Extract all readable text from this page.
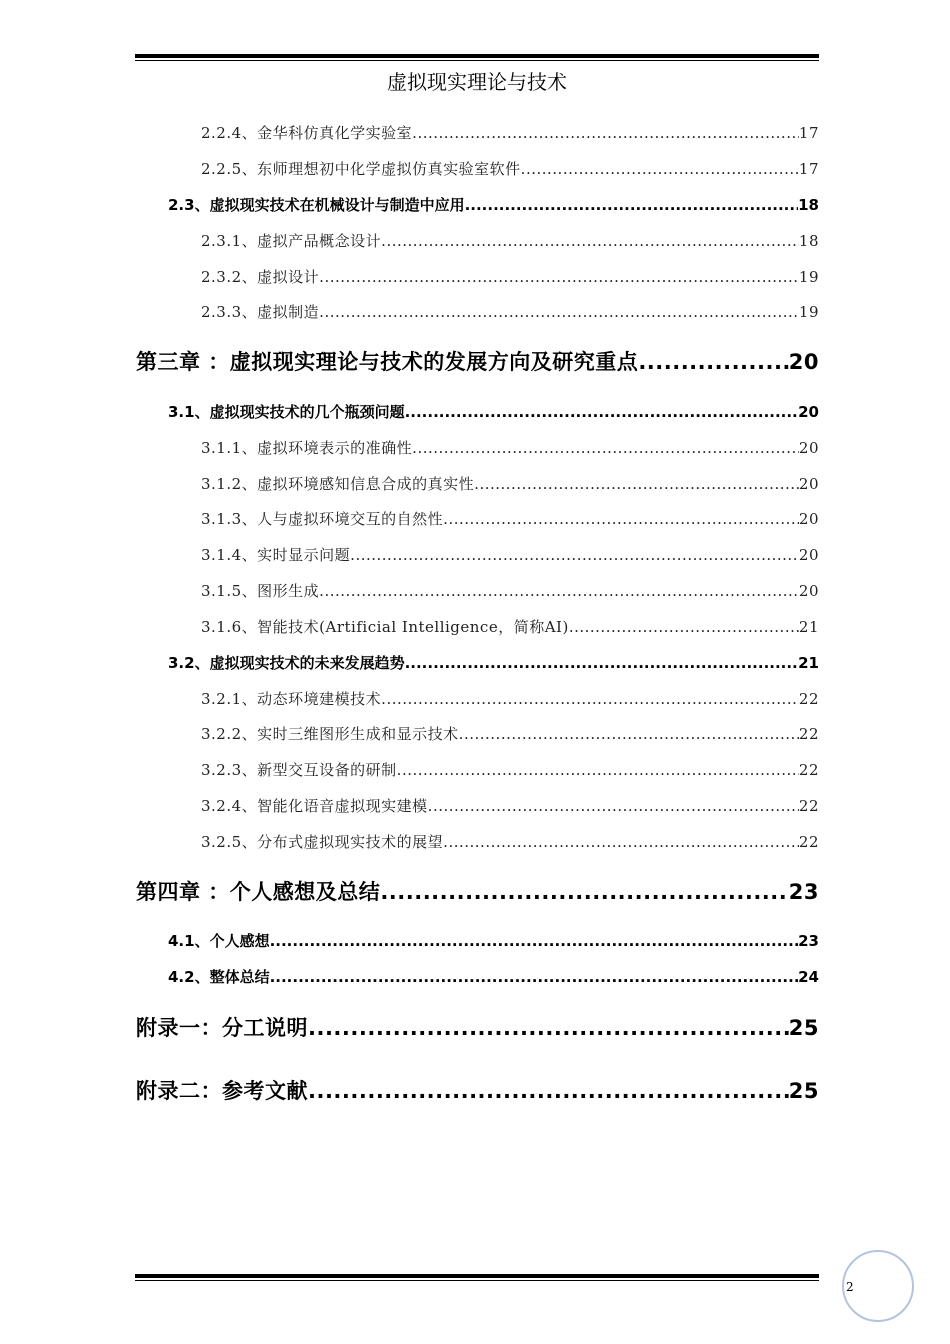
虚拟现实理论与技术
2.2.4、金华科仿真化学实验室 .....	17
2.2.5、东师理想初中化学虚拟仿真实验室软件 .....	17
2.3、虚拟现实技术在机械设计与制造中应用 .....	18
2.3.1、虚拟产品概念设计 .....	18
2.3.2、虚拟设计 .....	19
2.3.3、虚拟制造 .....	19
第三章 ：虚拟现实理论与技术的发展方向及研究重点 .....	20
3.1、虚拟现实技术的几个瓶颈问题 .....	20
3.1.1、虚拟环境表示的准确性 .....	20
3.1.2、虚拟环境感知信息合成的真实性 .....	20
3.1.3、人与虚拟环境交互的自然性 .....	20
3.1.4、实时显示问题 .....	20
3.1.5、图形生成 .....	20
3.1.6、智能技术(Artificial Intelligence，简称AI) .....	21
3.2、虚拟现实技术的未来发展趋势 .....	21
3.2.1、动态环境建模技术 .....	22
3.2.2、实时三维图形生成和显示技术 .....	22
3.2.3、新型交互设备的研制 .....	22
3.2.4、智能化语音虚拟现实建模 .....	22
3.2.5、分布式虚拟现实技术的展望 .....	22
第四章 ：个人感想及总结 .....	23
4.1、个人感想 .....	23
4.2、整体总结 .....	24
附录一：分工说明 .....	25
附录二：参考文献 .....	25
2
